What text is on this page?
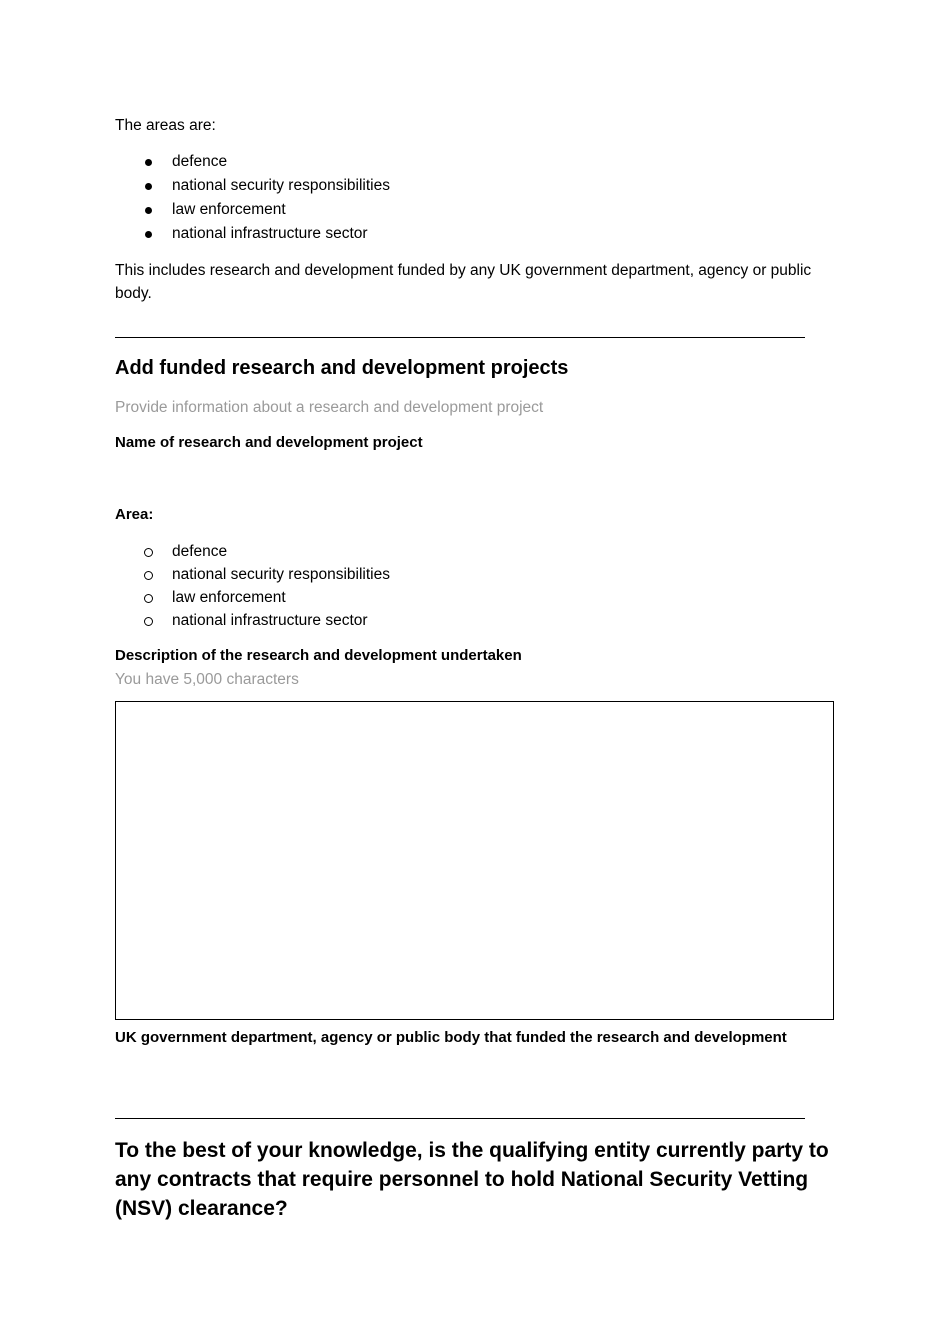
The areas are:

defence
national security responsibilities
law enforcement
national infrastructure sector

This includes research and development funded by any UK government department, agency or public body.

Add funded research and development projects

Provide information about a research and development project

Name of research and development project

Area:

defence
national security responsibilities
law enforcement
national infrastructure sector

Description of the research and development undertaken

You have 5,000 characters

UK government department, agency or public body that funded the research and development

To the best of your knowledge, is the qualifying entity currently party to any contracts that require personnel to hold National Security Vetting (NSV) clearance?
